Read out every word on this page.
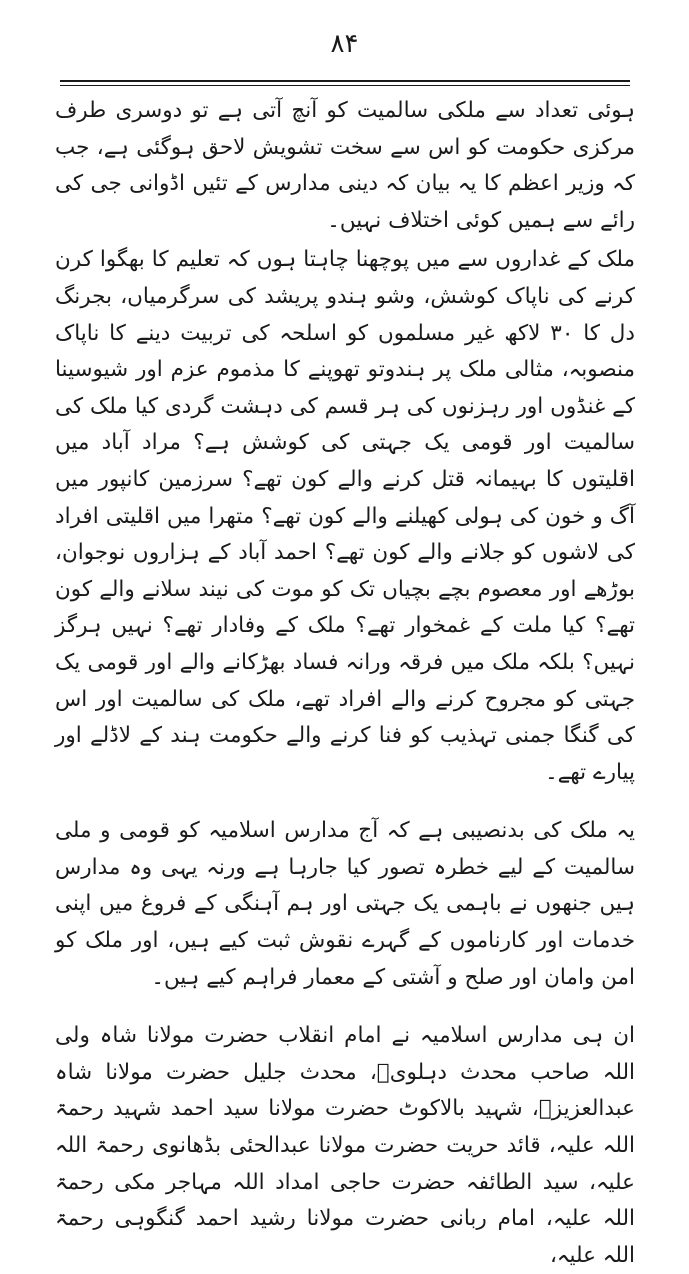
۸۴

ہوئی تعداد سے ملکی سالمیت کو آنچ آتی ہے تو دوسری طرف مرکزی حکومت کو اس سے سخت تشویش لاحق ہوگئی ہے، جب کہ وزیر اعظم کا یہ بیان کہ دینی مدارس کے تئیں اڈوانی جی کی رائے سے ہمیں کوئی اختلاف نہیں۔

ملک کے غداروں سے میں پوچھنا چاہتا ہوں کہ تعلیم کا بھگوا کرن کرنے کی ناپاک کوشش، وشو ہندو پریشد کی سرگرمیاں، بجرنگ دل کا ۳۰ لاکھ غیر مسلموں کو اسلحہ کی تربیت دینے کا ناپاک منصوبہ، مثالی ملک پر ہندوتو تھوپنے کا مذموم عزم اور شیوسینا کے غنڈوں اور رہزنوں کی ہر قسم کی دہشت گردی کیا ملک کی سالمیت اور قومی یک جہتی کی کوشش ہے؟ مراد آباد میں اقلیتوں کا بہیمانہ قتل کرنے والے کون تھے؟ سرزمین کانپور میں آگ و خون کی ہولی کھیلنے والے کون تھے؟ متھرا میں اقلیتی افراد کی لاشوں کو جلانے والے کون تھے؟ احمد آباد کے ہزاروں نوجوان، بوڑھے اور معصوم بچے بچیاں تک کو موت کی نیند سلانے والے کون تھے؟ کیا ملت کے غمخوار تھے؟ ملک کے وفادار تھے؟ نہیں ہرگز نہیں؟ بلکہ ملک میں فرقہ ورانہ فساد بھڑکانے والے اور قومی یک جہتی کو مجروح کرنے والے افراد تھے، ملک کی سالمیت اور اس کی گنگا جمنی تہذیب کو فنا کرنے والے حکومت ہند کے لاڈلے اور پیارے تھے۔

یہ ملک کی بدنصیبی ہے کہ آج مدارس اسلامیہ کو قومی و ملی سالمیت کے لیے خطرہ تصور کیا جارہا ہے ورنہ یہی وہ مدارس ہیں جنھوں نے باہمی یک جہتی اور ہم آہنگی کے فروغ میں اپنی خدمات اور کارناموں کے گہرے نقوش ثبت کیے ہیں، اور ملک کو امن وامان اور صلح و آشتی کے معمار فراہم کیے ہیں۔

ان ہی مدارس اسلامیہ نے امام انقلاب حضرت مولانا شاہ ولی اللہ صاحب محدث دہلویؒ، محدث جلیل حضرت مولانا شاہ عبدالعزیزؒ، شہید بالاکوٹ حضرت مولانا سید احمد شہید رحمۃ اللہ علیہ، قائد حریت حضرت مولانا عبدالحئی بڈھانوی رحمۃ اللہ علیہ، سید الطائفہ حضرت حاجی امداد اللہ مہاجر مکی رحمۃ اللہ علیہ، امام ربانی حضرت مولانا رشید احمد گنگوہی رحمۃ اللہ علیہ،
